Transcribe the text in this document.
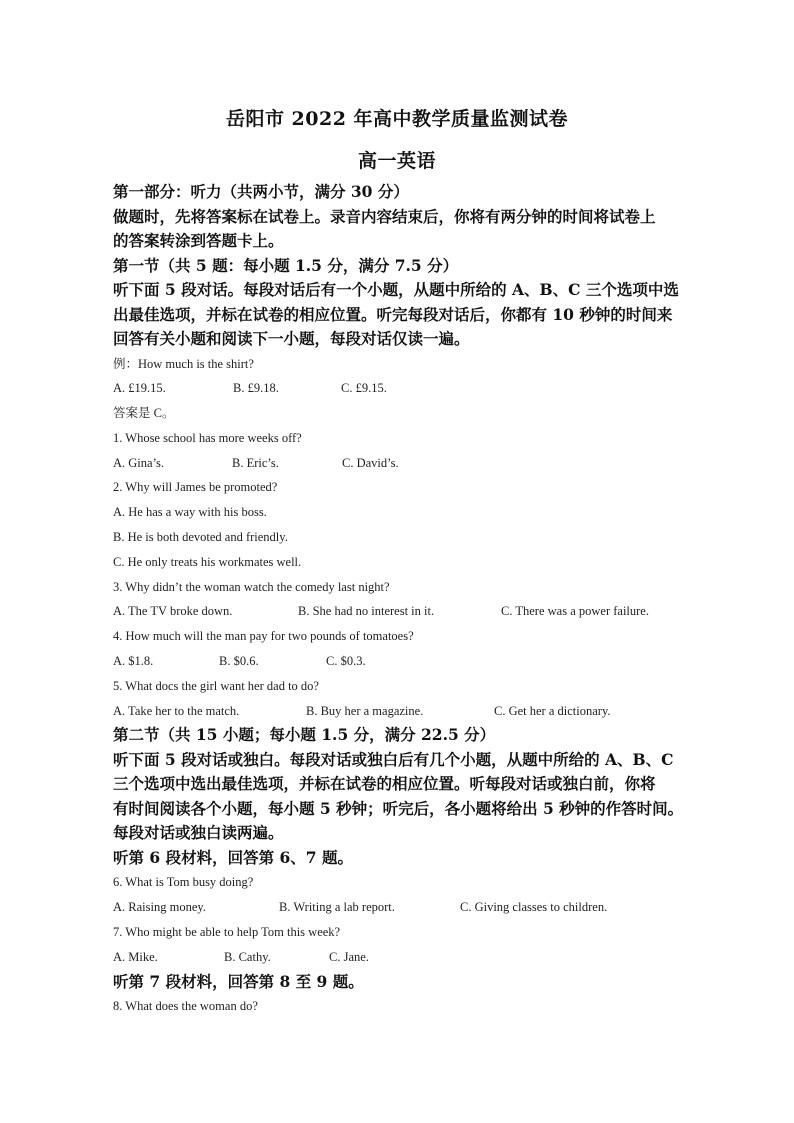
岳阳市 2022 年高中教学质量监测试卷
高一英语
第一部分：听力（共两小节，满分 30 分）
做题时，先将答案标在试卷上。录音内容结束后，你将有两分钟的时间将试卷上
的答案转涂到答题卡上。
第一节（共 5 题：每小题 1.5 分，满分 7.5 分）
听下面 5 段对话。每段对话后有一个小题，从题中所给的 A、B、C 三个选项中选
出最佳选项，并标在试卷的相应位置。听完每段对话后，你都有 10 秒钟的时间来
回答有关小题和阅读下一小题，每段对话仅读一遍。
例：How much is the shirt?
A. £19.15.	B. £9.18.	C. £9.15.
答案是 C。
1. Whose school has more weeks off?
A. Gina’s.	B. Eric’s.	C. David’s.
2. Why will James be promoted?
A. He has a way with his boss.
B. He is both devoted and friendly.
C. He only treats his workmates well.
3. Why didn’t the woman watch the comedy last night?
A. The TV broke down.	B. She had no interest in it.	C. There was a power failure.
4. How much will the man pay for two pounds of tomatoes?
A. $1.8.	B. $0.6.	C. $0.3.
5. What docs the girl want her dad to do?
A. Take her to the match.	B. Buy her a magazine.	C. Get her a dictionary.
第二节（共 15 小题；每小题 1.5 分，满分 22.5 分）
听下面 5 段对话或独白。每段对话或独白后有几个小题，从题中所给的 A、B、C
三个选项中选出最佳选项，并标在试卷的相应位置。听每段对话或独白前，你将
有时间阅读各个小题，每小题 5 秒钟；听完后，各小题将给出 5 秒钟的作答时间。
每段对话或独白读两遍。
听第 6 段材料，回答第 6、7 题。
6. What is Tom busy doing?
A. Raising money.	B. Writing a lab report.	C. Giving classes to children.
7. Who might be able to help Tom this week?
A. Mike.	B. Cathy.	C. Jane.
听第 7 段材料，回答第 8 至 9 题。
8. What does the woman do?
